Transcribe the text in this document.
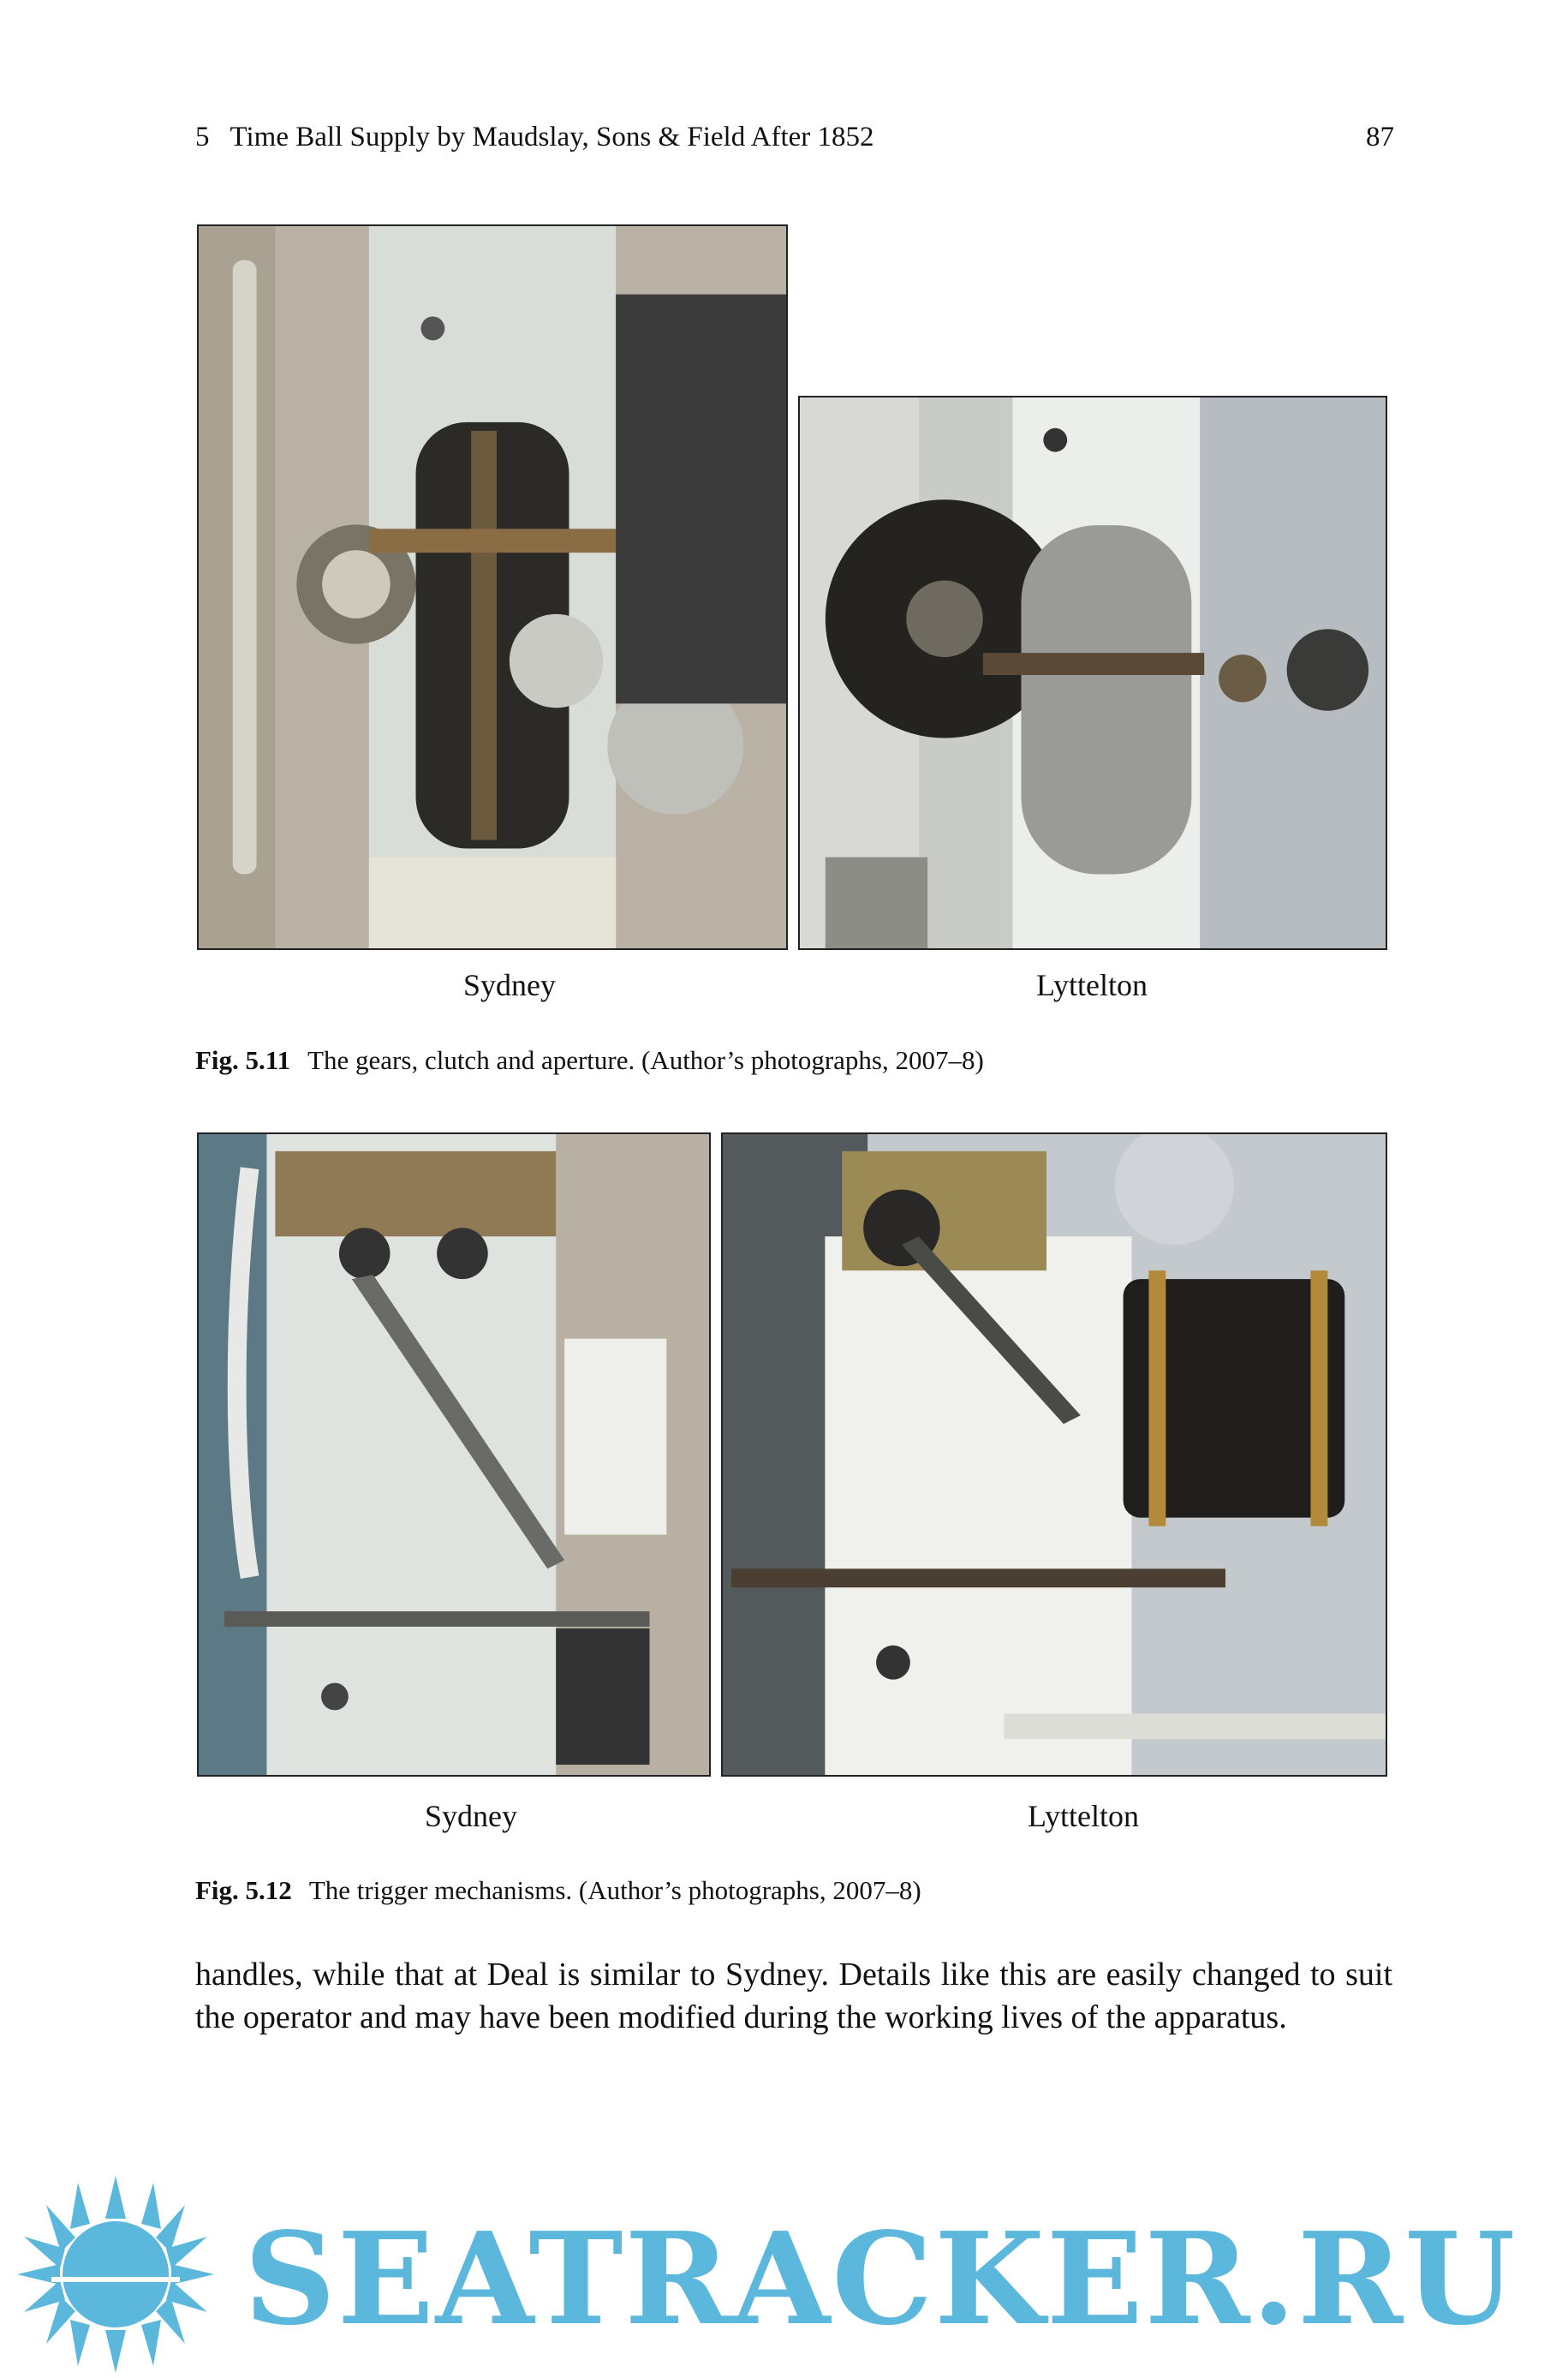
5 Time Ball Supply by Maudslay, Sons & Field After 1852	87
Sydney	Lyttelton
Fig. 5.11 The gears, clutch and aperture. (Author’s photographs, 2007–8)
Sydney	Lyttelton
Fig. 5.12 The trigger mechanisms. (Author’s photographs, 2007–8)
handles, while that at Deal is similar to Sydney. Details like this are easily changed to suit the operator and may have been modified during the working lives of the apparatus.
SEATRACKER.RU
